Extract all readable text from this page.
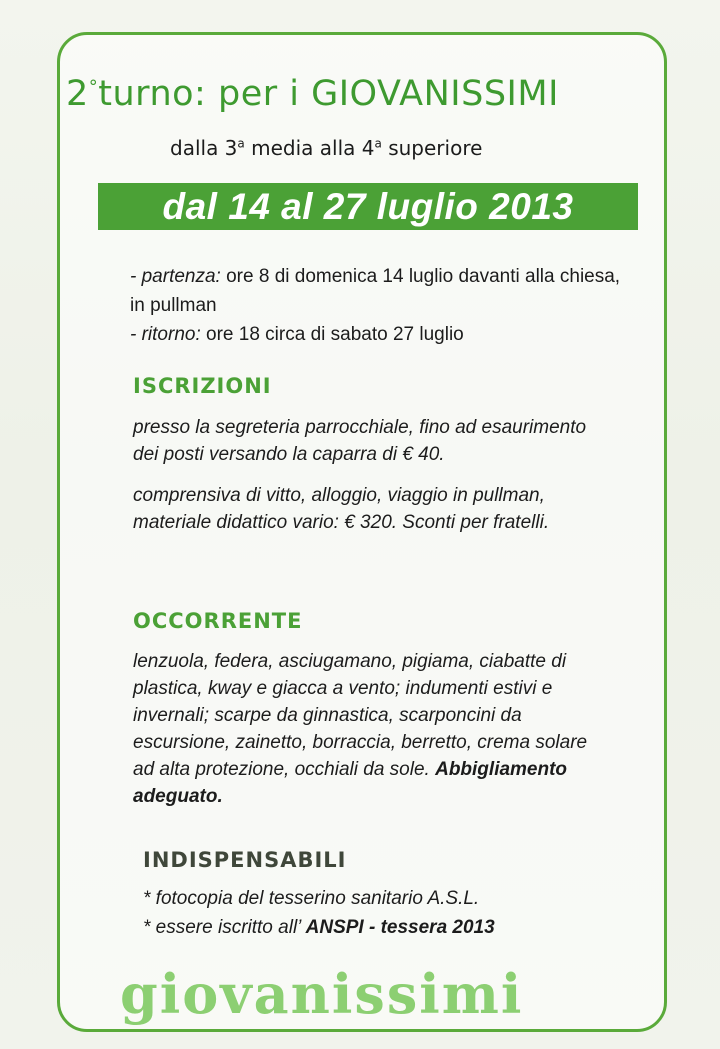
2°turno: per i GIOVANISSIMI
dalla 3$^a$ media alla 4$^a$ superiore
dal 14 al 27 luglio 2013

- partenza: ore 8 di domenica 14 luglio davanti alla chiesa, in pullman

- ritorno: ore 18 circa di sabato 27 luglio

ISCRIZIONI

presso la segreteria parrocchiale, fino ad esaurimento dei posti versando la caparra di € 40.

comprensiva di vitto, alloggio, viaggio in pullman, materiale didattico vario: € 320. Sconti per fratelli.

OCCORRENTE

lenzuola, federa, asciugamano, pigiama, ciabatte di plastica, kway e giacca a vento; indumenti estivi e invernali; scarpe da ginnastica, scarponcini da escursione, zainetto, borraccia, berretto, crema solare ad alta protezione, occhiali da sole. Abbigliamento adeguato.

INDISPENSABILI

* fotocopia del tesserino sanitario A.S.L.

* essere iscritto all’ ANSPI - tessera 2013

giovanissimi
